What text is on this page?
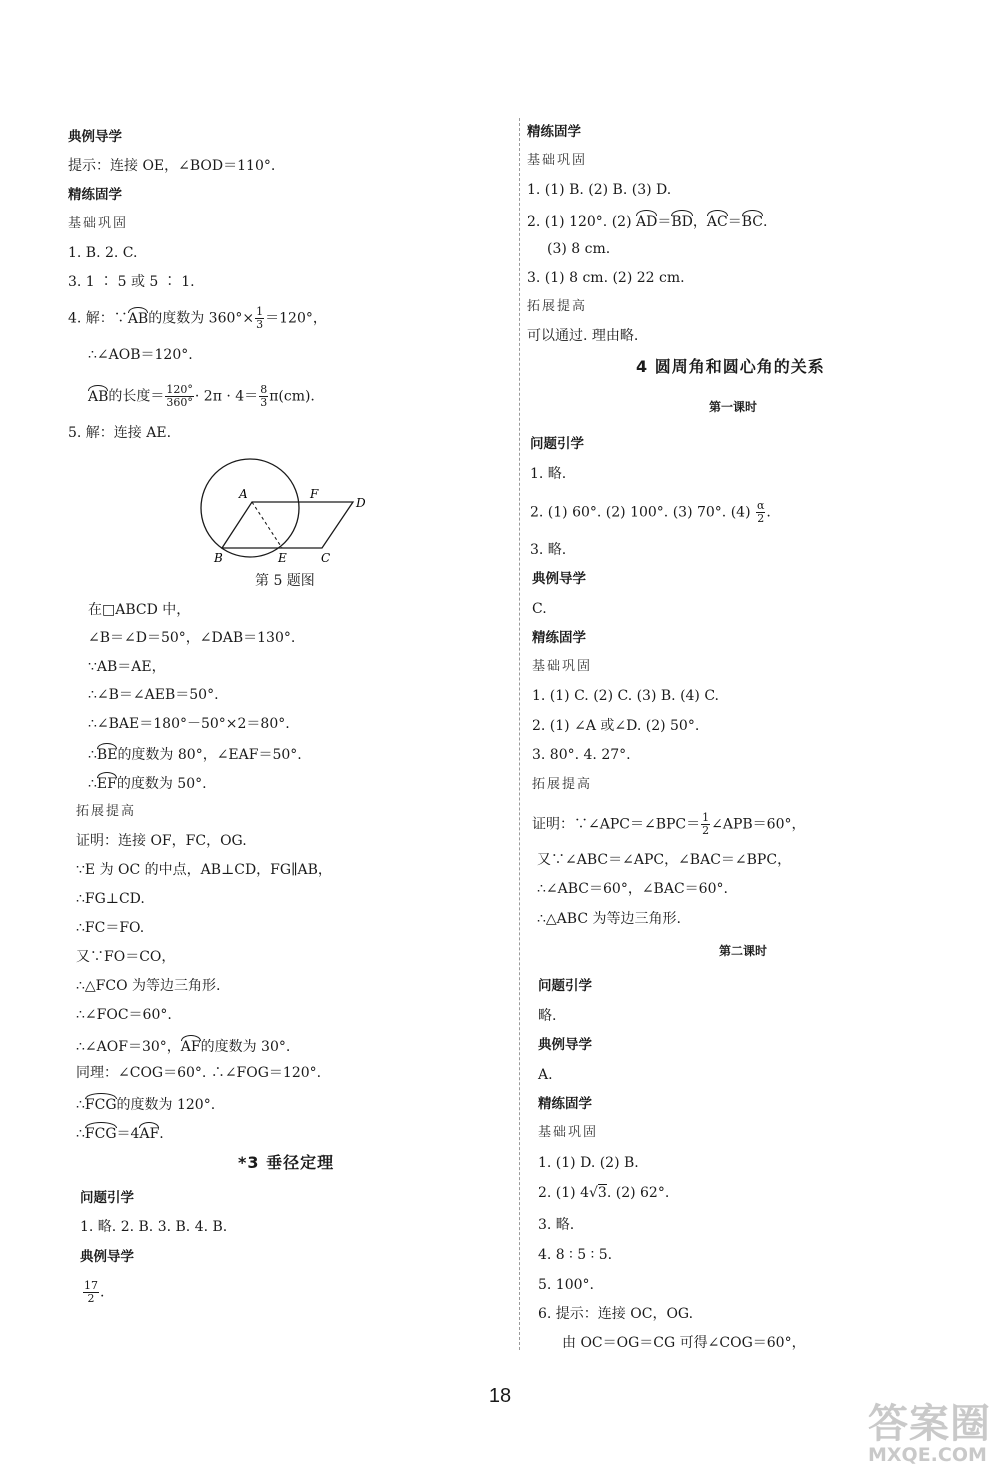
典例导学
提示：连接 OE，∠BOD＝110°.
精练固学
基础巩固
1. B. 2. C.
3. 1 ∶ 5 或 5 ∶ 1.
4. 解：∵AB的度数为 $360^\circ\times \frac{1}{3} =120^\circ$，
∴∠AOB＝120°.
AB的长度＝ $\frac{120^\circ}{360^\circ} \cdot 2\pi \cdot 4= \frac{8}{3} \pi(cm)$.
5. 解：连接 AE.
A	F
D
B	E	C
第 5 题图
在□ABCD 中，
∠B＝∠D＝50°，∠DAB＝130°.
∵AB＝AE，
∴∠B＝∠AEB＝50°.
∴∠BAE＝180°－50°×2＝80°.
∴BE的度数为 80°，∠EAF＝50°.
∴EF的度数为 50°.
拓展提高
证明：连接 OF，FC，OG.
∵E 为 OC 的中点，AB⊥CD，FG∥AB，
∴FG⊥CD.
∴FC＝FO.
又∵FO＝CO，
∴△FCO 为等边三角形.
∴∠FOC＝60°.
∴∠AOF＝30°，AF的度数为 30°.
同理：∠COG＝60°. ∴∠FOG＝120°.
∴FCG的度数为 120°.
∴FCG＝4AF.
*3 垂径定理
问题引学
1. 略. 2. B. 3. B. 4. B.
典例导学
$\frac{17}{2}$ .
精练固学
基础巩固
1. (1) B. (2) B. (3) D.
2. (1) 120°. (2) AD＝BD，AC＝BC.
(3) 8 cm.
3. (1) 8 cm. (2) 22 cm.
拓展提高
可以通过. 理由略.
4 圆周角和圆心角的关系
第一课时
问题引学
1. 略.
2. (1) 60°. (2) 100°. (3) 70°. $(4) \frac{\alpha}{2}$ .
3. 略.
典例导学
C.
精练固学
基础巩固
1. (1) C. (2) C. (3) B. (4) C.
2. (1) ∠A 或∠D. (2) 50°.
3. 80°. 4. 27°.
拓展提高
证明：∵∠APC＝∠BPC＝ $\frac{1}{2}$ ∠APB＝60°，
又∵∠ABC＝∠APC，∠BAC＝∠BPC，
∴∠ABC＝60°，∠BAC＝60°.
∴△ABC 为等边三角形.
第二课时
问题引学
略.
典例导学
A.
精练固学
基础巩固
1. (1) D. (2) B.
2. (1) 4√3. (2) 62°.
3. 略.
4. 8 ∶ 5 ∶ 5.
5. 100°.
6. 提示：连接 OC，OG.
由 OC＝OG＝CG 可得∠COG＝60°，
18
答案圈
MXQE.COM
